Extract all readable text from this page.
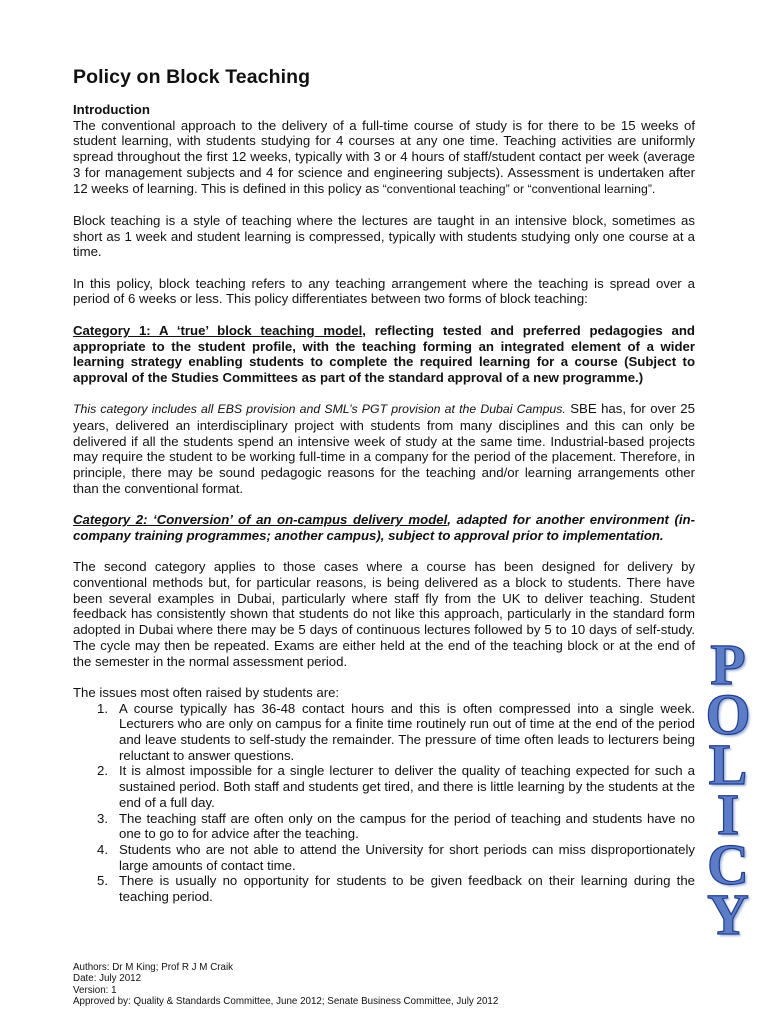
Policy on Block Teaching
Introduction
The conventional approach to the delivery of a full-time course of study is for there to be 15 weeks of student learning, with students studying for 4 courses at any one time. Teaching activities are uniformly spread throughout the first 12 weeks, typically with 3 or 4 hours of staff/student contact per week (average 3 for management subjects and 4 for science and engineering subjects). Assessment is undertaken after 12 weeks of learning. This is defined in this policy as “conventional teaching” or “conventional learning”.

Block teaching is a style of teaching where the lectures are taught in an intensive block, sometimes as short as 1 week and student learning is compressed, typically with students studying only one course at a time.

In this policy, block teaching refers to any teaching arrangement where the teaching is spread over a period of 6 weeks or less. This policy differentiates between two forms of block teaching:

Category 1: A ‘true’ block teaching model, reflecting tested and preferred pedagogies and appropriate to the student profile, with the teaching forming an integrated element of a wider learning strategy enabling students to complete the required learning for a course (Subject to approval of the Studies Committees as part of the standard approval of a new programme.)

This category includes all EBS provision and SML’s PGT provision at the Dubai Campus. SBE has, for over 25 years, delivered an interdisciplinary project with students from many disciplines and this can only be delivered if all the students spend an intensive week of study at the same time. Industrial-based projects may require the student to be working full-time in a company for the period of the placement. Therefore, in principle, there may be sound pedagogic reasons for the teaching and/or learning arrangements other than the conventional format.

Category 2: ‘Conversion’ of an on-campus delivery model, adapted for another environment (in-company training programmes; another campus), subject to approval prior to implementation.

The second category applies to those cases where a course has been designed for delivery by conventional methods but, for particular reasons, is being delivered as a block to students. There have been several examples in Dubai, particularly where staff fly from the UK to deliver teaching. Student feedback has consistently shown that students do not like this approach, particularly in the standard form adopted in Dubai where there may be 5 days of continuous lectures followed by 5 to 10 days of self-study. The cycle may then be repeated. Exams are either held at the end of the teaching block or at the end of the semester in the normal assessment period.

The issues most often raised by students are:

1. A course typically has 36-48 contact hours and this is often compressed into a single week. Lecturers who are only on campus for a finite time routinely run out of time at the end of the period and leave students to self-study the remainder. The pressure of time often leads to lecturers being reluctant to answer questions.
2. It is almost impossible for a single lecturer to deliver the quality of teaching expected for such a sustained period. Both staff and students get tired, and there is little learning by the students at the end of a full day.
3. The teaching staff are often only on the campus for the period of teaching and students have no one to go to for advice after the teaching.
4. Students who are not able to attend the University for short periods can miss disproportionately large amounts of contact time.
5. There is usually no opportunity for students to be given feedback on their learning during the teaching period.
Authors: Dr M King; Prof R J M Craik
Date: July 2012
Version: 1
Approved by: Quality & Standards Committee, June 2012; Senate Business Committee, July 2012
P
O
L
I
C
Y
